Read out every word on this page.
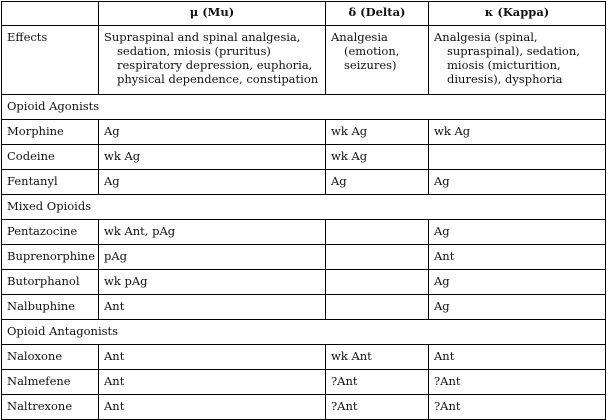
	μ (Mu)	δ (Delta)	κ (Kappa)
Effects	Supraspinal and spinal analgesia, sedation, miosis (pruritus) respiratory depression, euphoria, physical dependence, constipation	Analgesia (emotion, seizures)	Analgesia (spinal, supraspinal), sedation, miosis (micturition, diuresis), dysphoria
Opioid Agonists			
Morphine	Ag	wk Ag	wk Ag
Codeine	wk Ag	wk Ag	
Fentanyl	Ag	Ag	Ag
Mixed Opioids			
Pentazocine	wk Ant, pAg		Ag
Buprenorphine	pAg		Ant
Butorphanol	wk pAg		Ag
Nalbuphine	Ant		Ag
Opioid Antagonists			
Naloxone	Ant	wk Ant	Ant
Nalmefene	Ant	?Ant	?Ant
Naltrexone	Ant	?Ant	?Ant
